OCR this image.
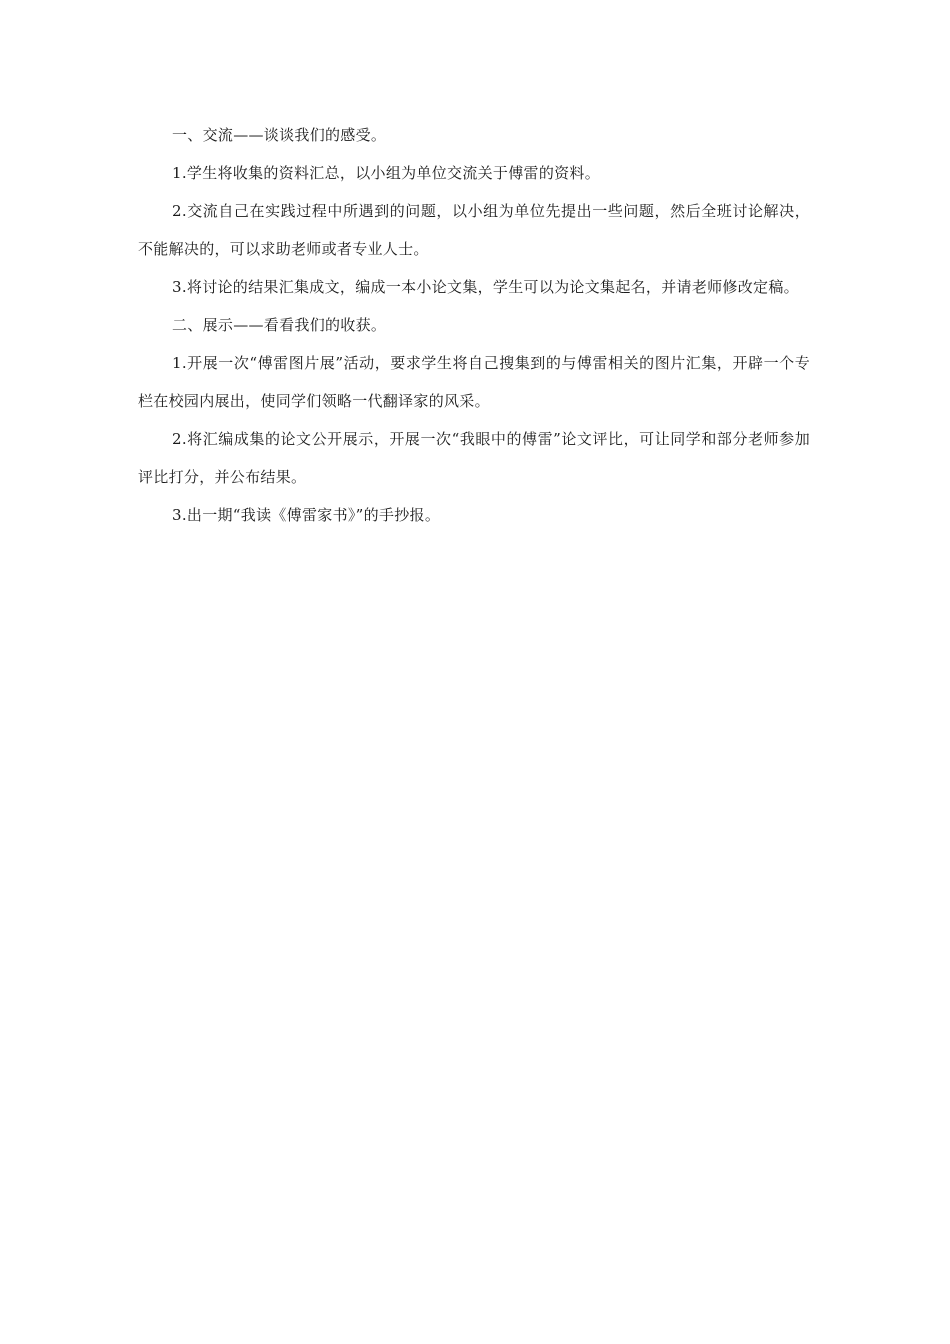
一、交流——谈谈我们的感受。

1.学生将收集的资料汇总，以小组为单位交流关于傅雷的资料。

2.交流自己在实践过程中所遇到的问题，以小组为单位先提出一些问题，然后全班讨论解决，不能解决的，可以求助老师或者专业人士。

3.将讨论的结果汇集成文，编成一本小论文集，学生可以为论文集起名，并请老师修改定稿。

二、展示——看看我们的收获。

1.开展一次“傅雷图片展”活动，要求学生将自己搜集到的与傅雷相关的图片汇集，开辟一个专栏在校园内展出，使同学们领略一代翻译家的风采。

2.将汇编成集的论文公开展示，开展一次“我眼中的傅雷”论文评比，可让同学和部分老师参加评比打分，并公布结果。

3.出一期“我读《傅雷家书》”的手抄报。
